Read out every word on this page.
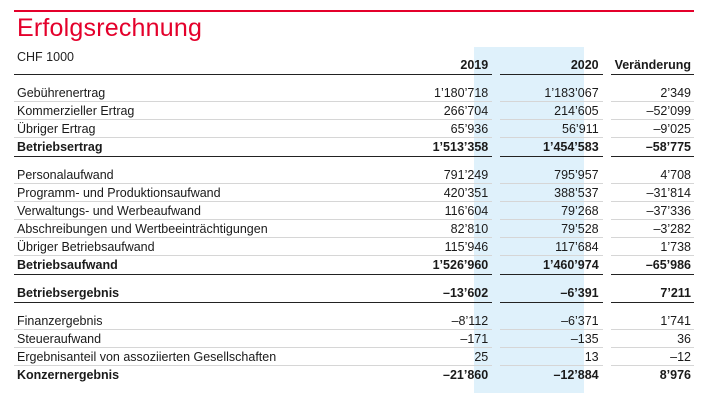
Erfolgsrechnung
CHF 1000
	2019		2020		Veränderung

Gebührenertrag	1’180’718		1’183’067		2’349
Kommerzieller Ertrag	266’704		214’605		–52’099
Übriger Ertrag	65’936		56’911		–9’025
Betriebsertrag	1’513’358		1’454’583		–58’775

Personalaufwand	791’249		795’957		4’708
Programm- und Produktionsaufwand	420’351		388’537		–31’814
Verwaltungs- und Werbeaufwand	116’604		79’268		–37’336
Abschreibungen und Wertbeeinträchtigungen	82’810		79’528		–3’282
Übriger Betriebsaufwand	115’946		117’684		1’738
Betriebsaufwand	1’526’960		1’460’974		–65’986

Betriebsergebnis	–13’602		–6’391		7’211

Finanzergebnis	–8’112		–6’371		1’741
Steueraufwand	–171		–135		36
Ergebnisanteil von assoziierten Gesellschaften	25		13		–12
Konzernergebnis	–21’860		–12’884		8’976
